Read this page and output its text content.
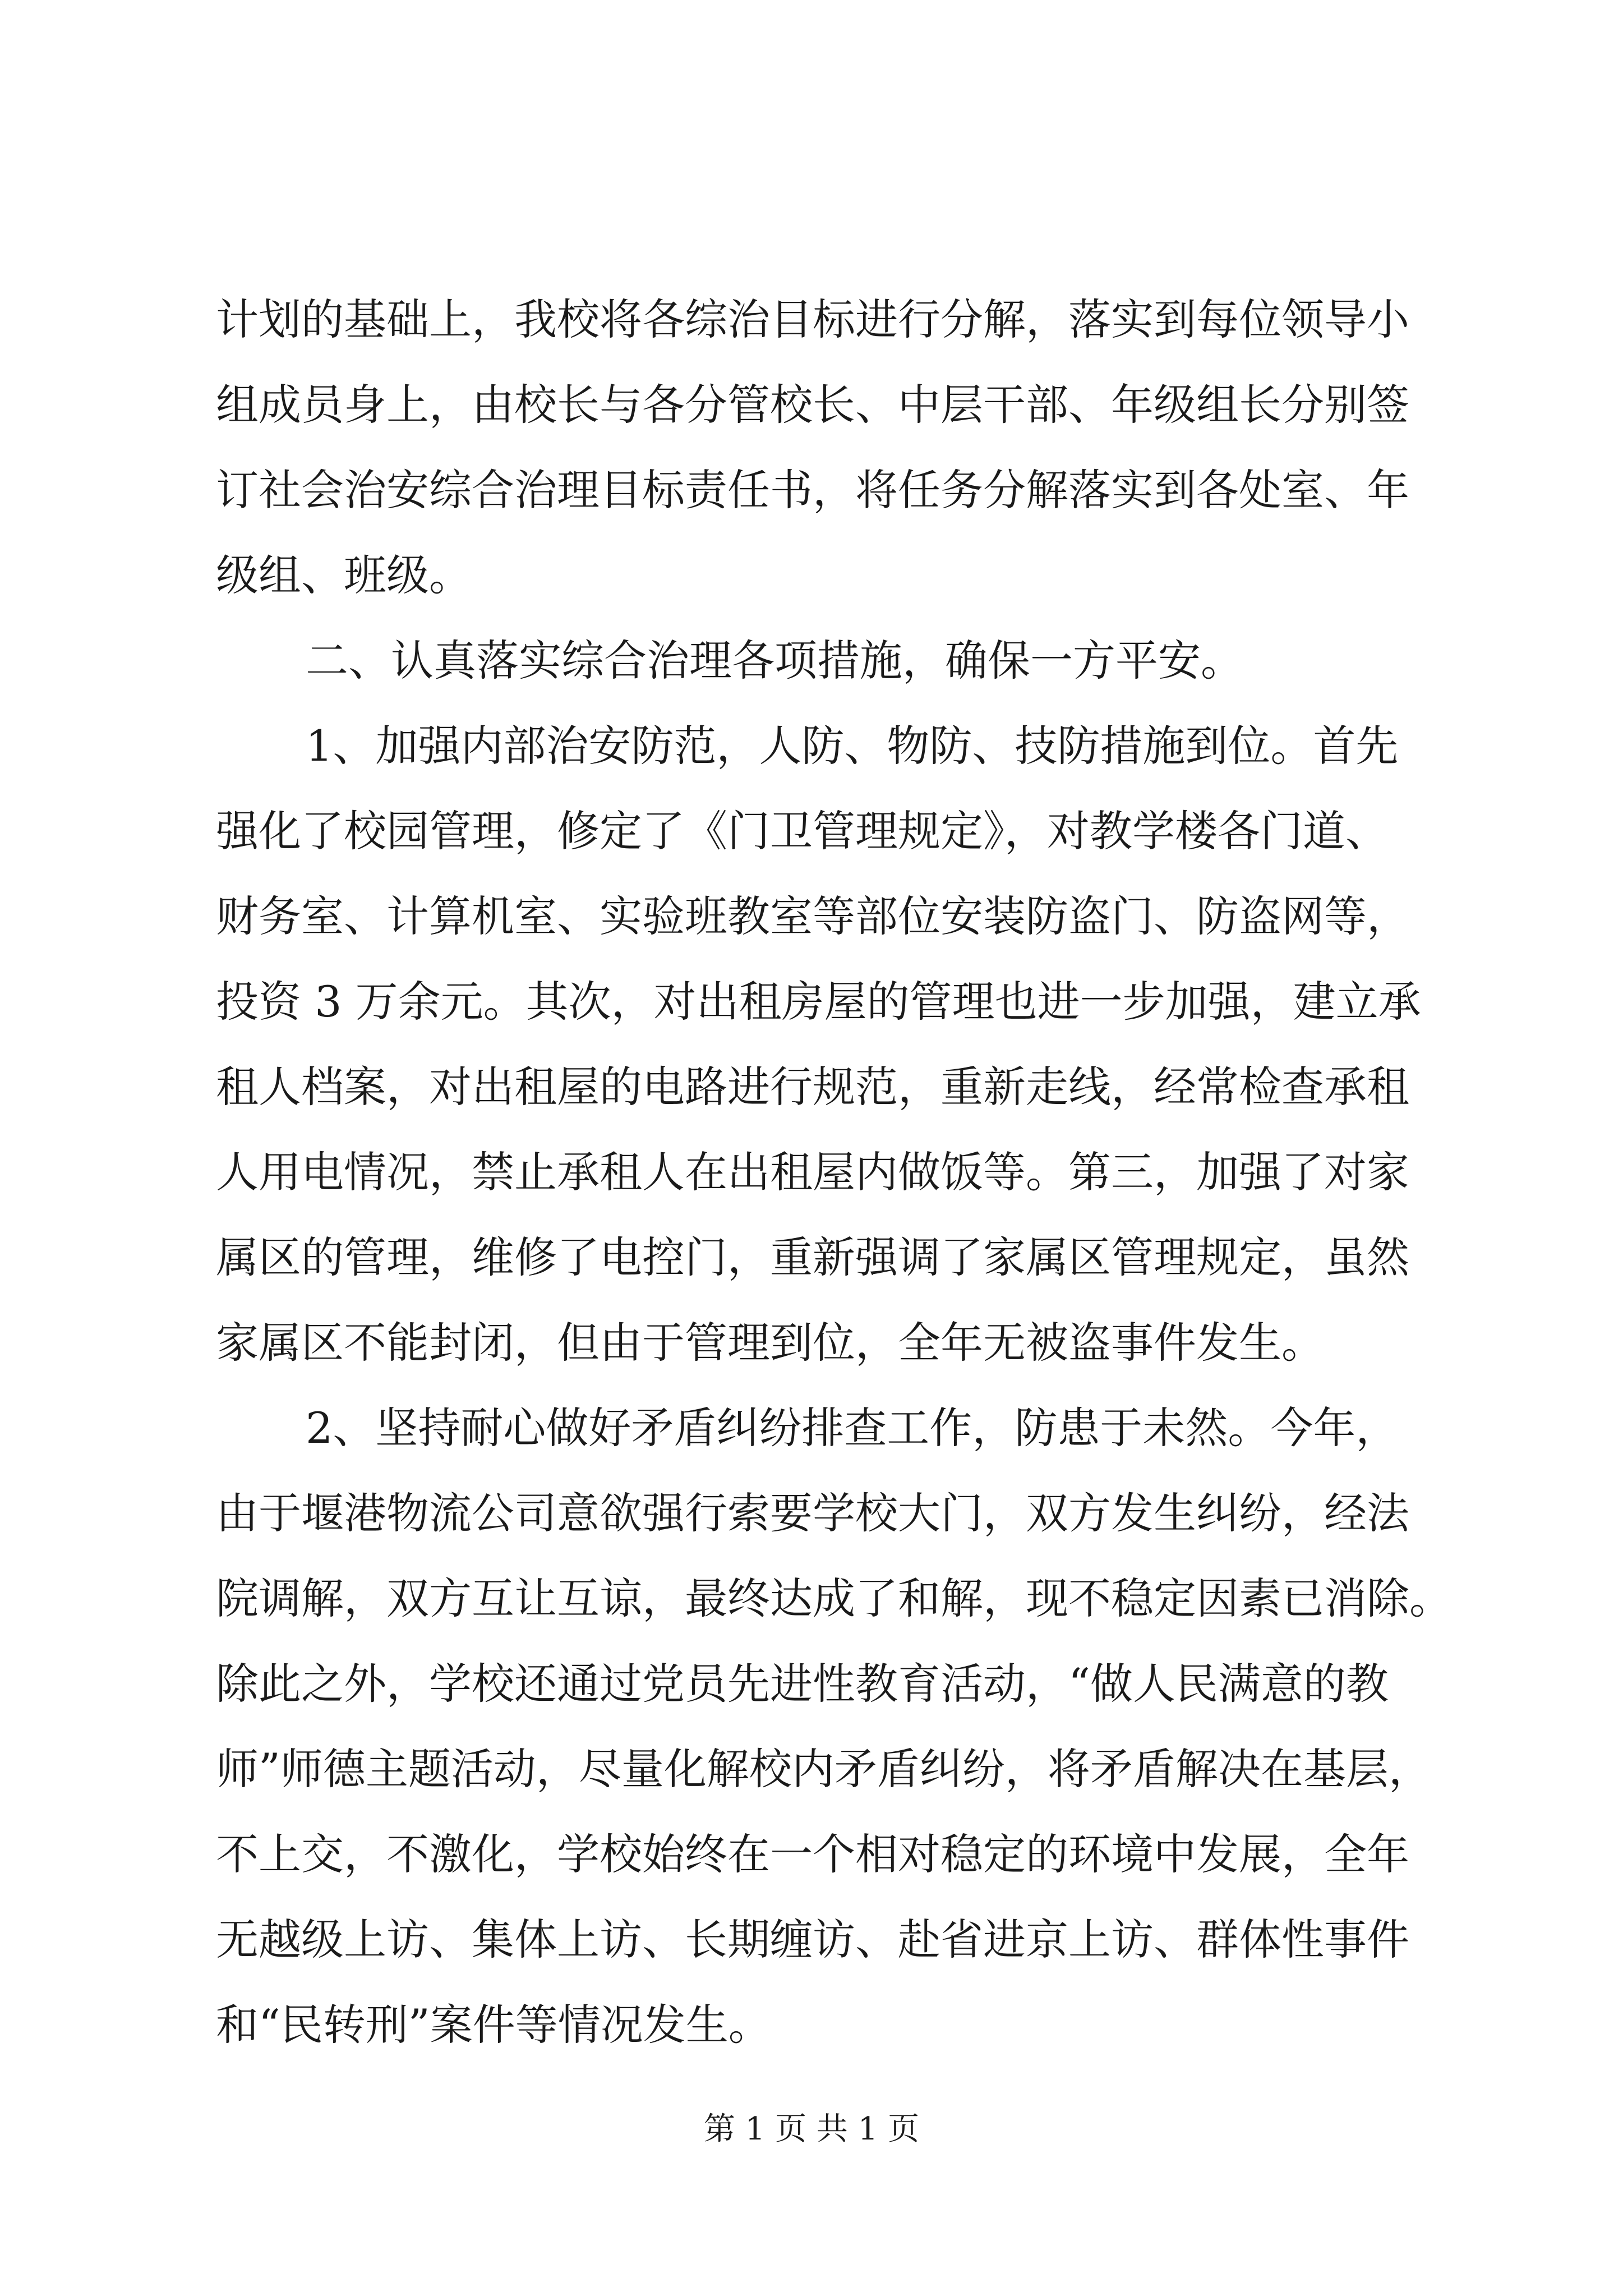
计划的基础上，我校将各综治目标进行分解，落实到每位领导小
组成员身上，由校长与各分管校长、中层干部、年级组长分别签
订社会治安综合治理目标责任书，将任务分解落实到各处室、年
级组、班级。
二、认真落实综合治理各项措施，确保一方平安。
1、加强内部治安防范，人防、物防、技防措施到位。首先
强化了校园管理，修定了《门卫管理规定》，对教学楼各门道、
财务室、计算机室、实验班教室等部位安装防盗门、防盗网等，
投资 3 万余元。其次，对出租房屋的管理也进一步加强，建立承
租人档案，对出租屋的电路进行规范，重新走线，经常检查承租
人用电情况，禁止承租人在出租屋内做饭等。第三，加强了对家
属区的管理，维修了电控门，重新强调了家属区管理规定，虽然
家属区不能封闭，但由于管理到位，全年无被盗事件发生。
2、坚持耐心做好矛盾纠纷排查工作，防患于未然。今年，
由于堰港物流公司意欲强行索要学校大门，双方发生纠纷，经法
院调解，双方互让互谅，最终达成了和解，现不稳定因素已消除。
除此之外，学校还通过党员先进性教育活动，“做人民满意的教
师”师德主题活动，尽量化解校内矛盾纠纷，将矛盾解决在基层，
不上交，不激化，学校始终在一个相对稳定的环境中发展，全年
无越级上访、集体上访、长期缠访、赴省进京上访、群体性事件
和“民转刑”案件等情况发生。
第 1 页 共 1 页
